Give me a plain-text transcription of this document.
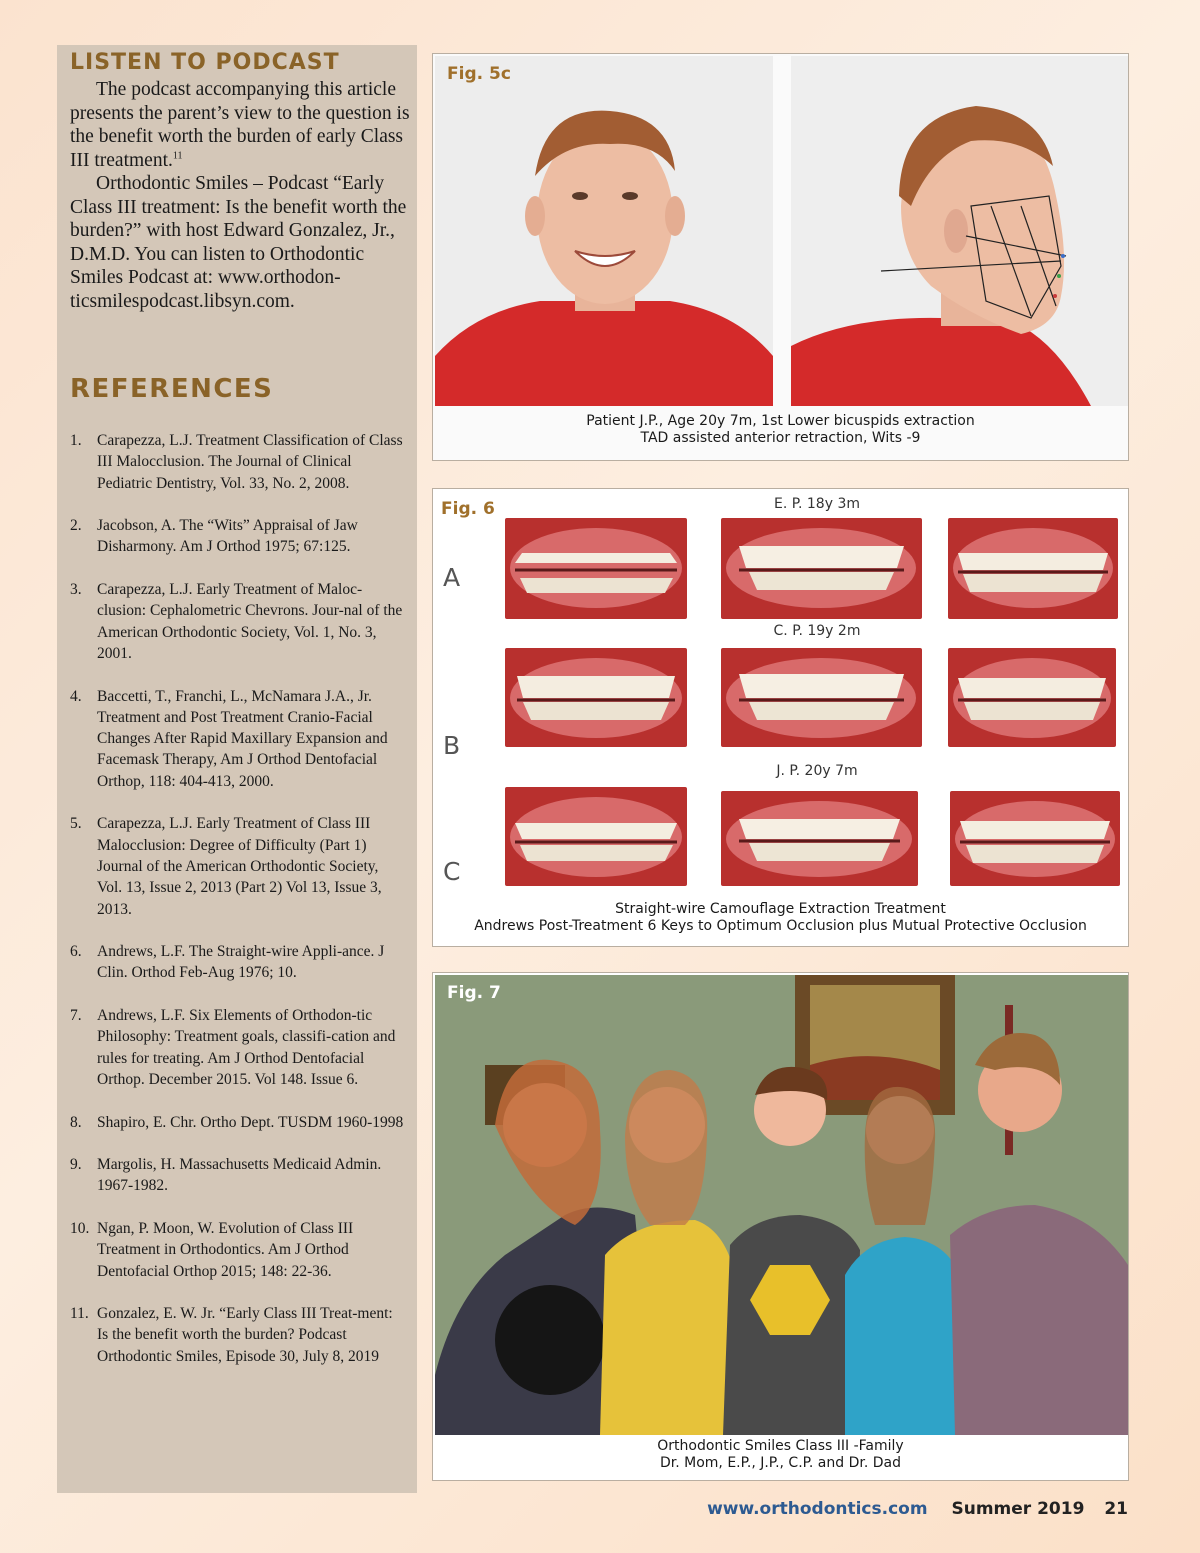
LISTEN TO PODCAST

The podcast accompanying this article presents the parent’s view to the question is the benefit worth the burden of early Class III treatment.$^{11}$

Orthodontic Smiles – Podcast “Early Class III treatment: Is the benefit worth the burden?” with host Edward Gonzalez, Jr., D.M.D. You can listen to Orthodontic Smiles Podcast at: www.orthodon-ticsmilespodcast.libsyn.com.

REFERENCES
1. Carapezza, L.J. Treatment Classification of Class III Malocclusion. The Journal of Clinical Pediatric Dentistry, Vol. 33, No. 2, 2008.
2. Jacobson, A. The “Wits” Appraisal of Jaw Disharmony. Am J Orthod 1975; 67:125.
3. Carapezza, L.J. Early Treatment of Maloc-clusion: Cephalometric Chevrons. Jour-nal of the American Orthodontic Society, Vol. 1, No. 3, 2001.
4. Baccetti, T., Franchi, L., McNamara J.A., Jr. Treatment and Post Treatment Cranio-Facial Changes After Rapid Maxillary Expansion and Facemask Therapy, Am J Orthod Dentofacial Orthop, 118: 404-413, 2000.
5. Carapezza, L.J. Early Treatment of Class III Malocclusion: Degree of Difficulty (Part 1) Journal of the American Orthodontic Society, Vol. 13, Issue 2, 2013 (Part 2) Vol 13, Issue 3, 2013.
6. Andrews, L.F. The Straight-wire Appli-ance. J Clin. Orthod Feb-Aug 1976; 10.
7. Andrews, L.F. Six Elements of Orthodon-tic Philosophy: Treatment goals, classifi-cation and rules for treating. Am J Orthod Dentofacial Orthop. December 2015. Vol 148. Issue 6.
8. Shapiro, E. Chr. Ortho Dept. TUSDM 1960-1998
9. Margolis, H. Massachusetts Medicaid Admin. 1967-1982.
10. Ngan, P. Moon, W. Evolution of Class III Treatment in Orthodontics. Am J Orthod Dentofacial Orthop 2015; 148: 22-36.
11. Gonzalez, E. W. Jr. “Early Class III Treat-ment: Is the benefit worth the burden? Podcast Orthodontic Smiles, Episode 30, July 8, 2019
Fig. 5c
Patient J.P., Age 20y 7m, 1st Lower bicuspids extraction
TAD assisted anterior retraction, Wits -9
Fig. 6	E. P. 18y 3m
A
C. P. 19y 2m
B
J. P. 20y 7m
C
Straight-wire Camouflage Extraction Treatment
Andrews Post-Treatment 6 Keys to Optimum Occlusion plus Mutual Protective Occlusion
Fig. 7
Orthodontic Smiles Class III -Family
Dr. Mom, E.P., J.P., C.P. and Dr. Dad
www.orthodontics.com Summer 2019 21
